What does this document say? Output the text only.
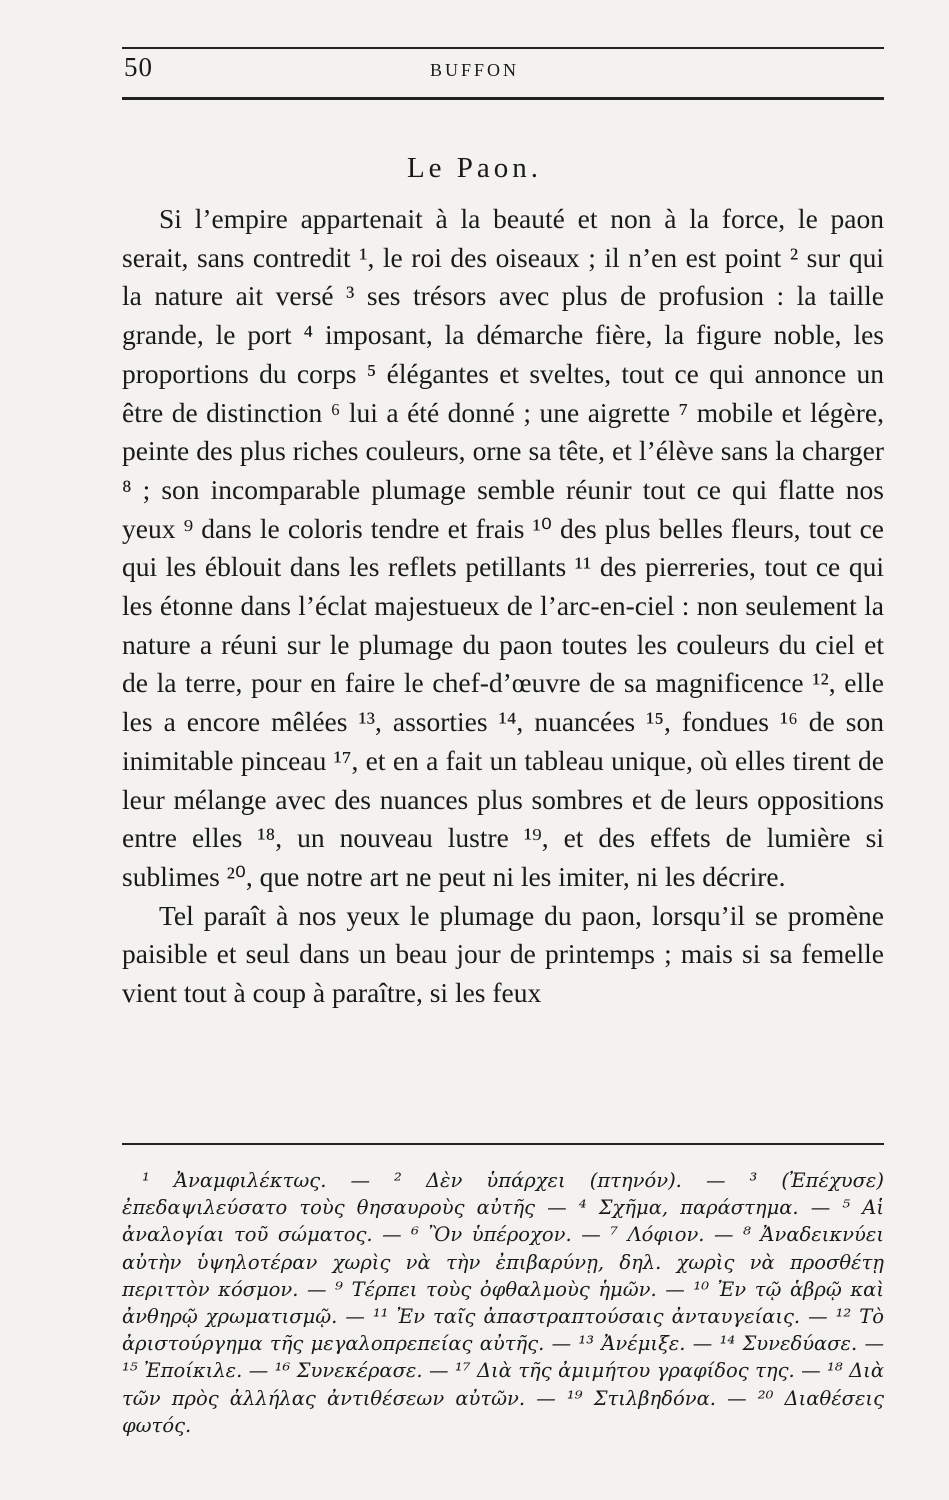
50	BUFFON
Le Paon.

Si l’empire appartenait à la beauté et non à la force, le paon serait, sans contredit ¹, le roi des oiseaux ; il n’en est point ² sur qui la nature ait versé ³ ses trésors avec plus de profusion : la taille grande, le port ⁴ imposant, la démarche fière, la figure noble, les proportions du corps ⁵ élégantes et sveltes, tout ce qui annonce un être de distinction ⁶ lui a été donné ; une aigrette ⁷ mobile et légère, peinte des plus riches couleurs, orne sa tête, et l’élève sans la charger ⁸ ; son incomparable plumage semble réunir tout ce qui flatte nos yeux ⁹ dans le coloris tendre et frais ¹⁰ des plus belles fleurs, tout ce qui les éblouit dans les reflets petillants ¹¹ des pierreries, tout ce qui les étonne dans l’éclat majestueux de l’arc-en-ciel : non seulement la nature a réuni sur le plumage du paon toutes les couleurs du ciel et de la terre, pour en faire le chef-d’œuvre de sa magnificence ¹², elle les a encore mêlées ¹³, assorties ¹⁴, nuancées ¹⁵, fondues ¹⁶ de son inimitable pinceau ¹⁷, et en a fait un tableau unique, où elles tirent de leur mélange avec des nuances plus sombres et de leurs oppositions entre elles ¹⁸, un nouveau lustre ¹⁹, et des effets de lumière si sublimes ²⁰, que notre art ne peut ni les imiter, ni les décrire.

Tel paraît à nos yeux le plumage du paon, lorsqu’il se promène paisible et seul dans un beau jour de printemps ; mais si sa femelle vient tout à coup à paraître, si les feux

¹ Ἀναμφιλέκτως. — ² Δὲν ὑπάρχει (πτηνόν). — ³ (Ἐπέχυσε) ἐπεδαψιλεύσατο τοὺς θησαυροὺς αὐτῆς — ⁴ Σχῆμα, παράστημα. — ⁵ Αἱ ἀναλογίαι τοῦ σώματος. — ⁶ Ὂν ὑπέροχον. — ⁷ Λόφιον. — ⁸ Ἀναδεικνύει αὐτὴν ὑψηλοτέραν χωρὶς νὰ τὴν ἐπιβαρύνῃ, δηλ. χωρὶς νὰ προσθέτῃ περιττὸν κόσμον. — ⁹ Τέρπει τοὺς ὀφθαλμοὺς ἡμῶν. — ¹⁰ Ἐν τῷ ἁβρῷ καὶ ἀνθηρῷ χρωματισμῷ. — ¹¹ Ἐν ταῖς ἀπαστραπτούσαις ἀνταυγείαις. — ¹² Τὸ ἀριστούργημα τῆς μεγαλοπρεπείας αὐτῆς. — ¹³ Ἀνέμιξε. — ¹⁴ Συνεδύασε. — ¹⁵ Ἐποίκιλε. — ¹⁶ Συνεκέρασε. — ¹⁷ Διὰ τῆς ἀμιμήτου γραφίδος της. — ¹⁸ Διὰ τῶν πρὸς ἀλλήλας ἀντιθέσεων αὐτῶν. — ¹⁹ Στιλβηδόνα. — ²⁰ Διαθέσεις φωτός.
